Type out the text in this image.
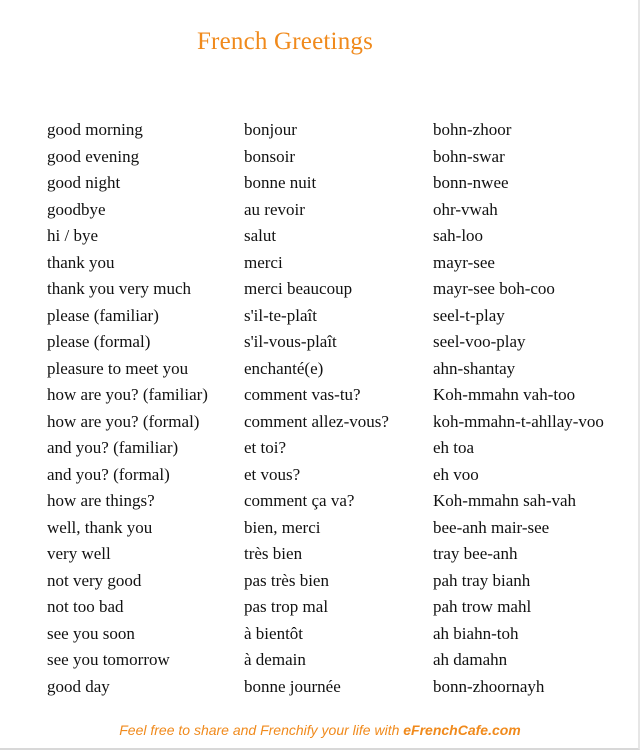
French Greetings
good morning	bonjour	bohn-zhoor
good evening	bonsoir	bohn-swar
good night	bonne nuit	bonn-nwee
goodbye	au revoir	ohr-vwah
hi / bye	salut	sah-loo
thank you	merci	mayr-see
thank you very much	merci beaucoup	mayr-see boh-coo
please (familiar)	s'il-te-plaît	seel-t-play
please (formal)	s'il-vous-plaît	seel-voo-play
pleasure to meet you	enchanté(e)	ahn-shantay
how are you? (familiar)	comment vas-tu?	Koh-mmahn vah-too
how are you? (formal)	comment allez-vous?	koh-mmahn-t-ahllay-voo
and you? (familiar)	et toi?	eh toa
and you? (formal)	et vous?	eh voo
how are things?	comment ça va?	Koh-mmahn sah-vah
well, thank you	bien, merci	bee-anh mair-see
very well	très bien	tray bee-anh
not very good	pas très bien	pah tray bianh
not too bad	pas trop mal	pah trow mahl
see you soon	à bientôt	ah biahn-toh
see you tomorrow	à demain	ah damahn
good day	bonne journée	bonn-zhoornayh
Feel free to share and Frenchify your life with eFrenchCafe.com
